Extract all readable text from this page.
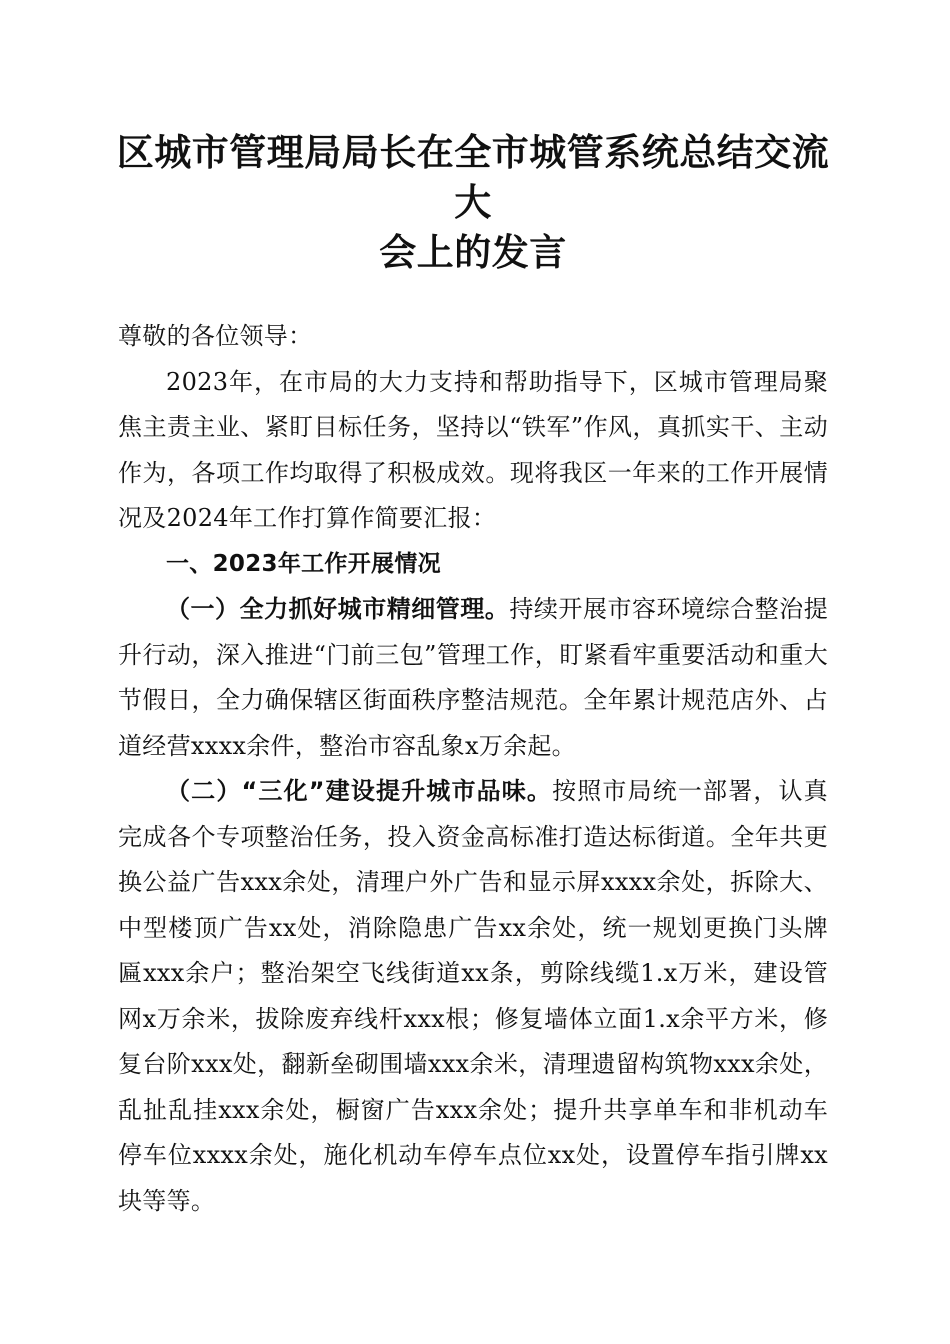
区城市管理局局长在全市城管系统总结交流大
会上的发言

尊敬的各位领导：

2023年，在市局的大力支持和帮助指导下，区城市管理局聚焦主责主业、紧盯目标任务，坚持以“铁军”作风，真抓实干、主动作为，各项工作均取得了积极成效。现将我区一年来的工作开展情况及2024年工作打算作简要汇报：

一、2023年工作开展情况

（一）全力抓好城市精细管理。持续开展市容环境综合整治提升行动，深入推进“门前三包”管理工作，盯紧看牢重要活动和重大节假日，全力确保辖区街面秩序整洁规范。全年累计规范店外、占道经营xxxx余件，整治市容乱象x万余起。

（二）“三化”建设提升城市品味。按照市局统一部署，认真完成各个专项整治任务，投入资金高标准打造达标街道。全年共更换公益广告xxx余处，清理户外广告和显示屏xxxx余处，拆除大、中型楼顶广告xx处，消除隐患广告xx余处，统一规划更换门头牌匾xxx余户；整治架空飞线街道xx条，剪除线缆1.x万米，建设管网x万余米，拔除废弃线杆xxx根；修复墙体立面1.x余平方米，修复台阶xxx处，翻新垒砌围墙xxx余米，清理遗留构筑物xxx余处，乱扯乱挂xxx余处，橱窗广告xxx余处；提升共享单车和非机动车停车位xxxx余处，施化机动车停车点位xx处，设置停车指引牌xx块等等。
